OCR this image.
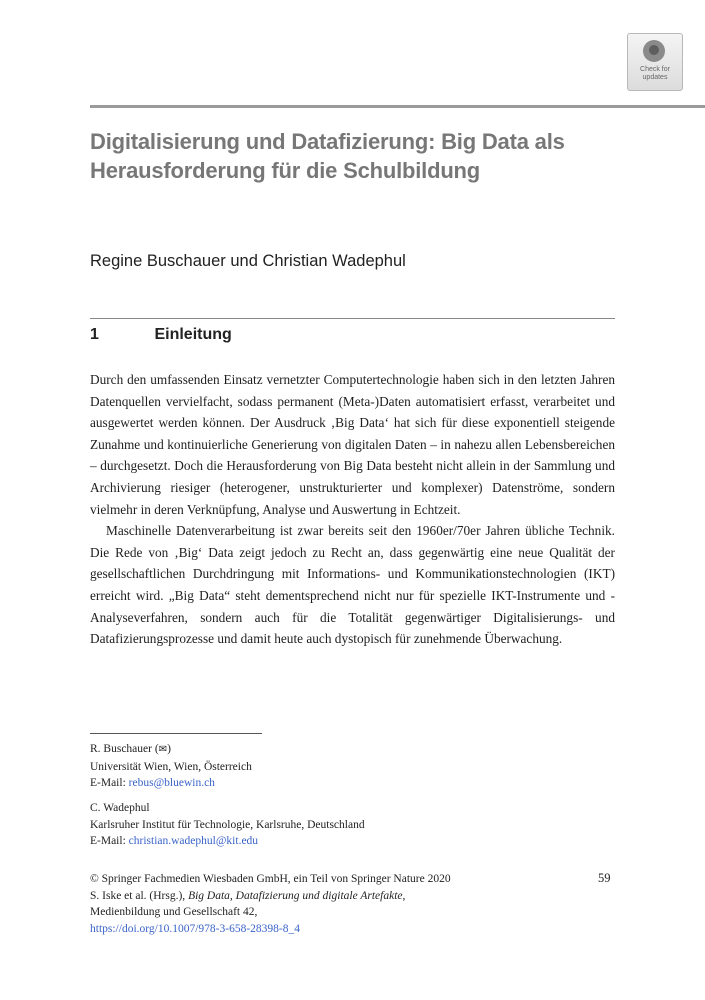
Check for
updates
Digitalisierung und Datafizierung: Big Data als Herausforderung für die Schulbildung

Regine Buschauer und Christian Wadephul

1	Einleitung

Durch den umfassenden Einsatz vernetzter Computertechnologie haben sich in den letzten Jahren Datenquellen vervielfacht, sodass permanent (Meta-)Daten automatisiert erfasst, verarbeitet und ausgewertet werden können. Der Ausdruck ‚Big Data‘ hat sich für diese exponentiell steigende Zunahme und kontinuierliche Generierung von digitalen Daten – in nahezu allen Lebensbereichen – durchgesetzt. Doch die Herausforderung von Big Data besteht nicht allein in der Sammlung und Archivierung riesiger (heterogener, unstrukturierter und komplexer) Datenströme, sondern vielmehr in deren Verknüpfung, Analyse und Auswertung in Echtzeit.

Maschinelle Datenverarbeitung ist zwar bereits seit den 1960er/70er Jahren übliche Technik. Die Rede von ‚Big‘ Data zeigt jedoch zu Recht an, dass gegenwärtig eine neue Qualität der gesellschaftlichen Durchdringung mit Informations- und Kommunikationstechnologien (IKT) erreicht wird. „Big Data“ steht dementsprechend nicht nur für spezielle IKT-Instrumente und -Analyseverfahren, sondern auch für die Totalität gegenwärtiger Digitalisierungs- und Datafizierungsprozesse und damit heute auch dystopisch für zunehmende Überwachung.

R. Buschauer (✉)
Universität Wien, Wien, Österreich
E-Mail: rebus@bluewin.ch
C. Wadephul
Karlsruher Institut für Technologie, Karlsruhe, Deutschland
E-Mail: christian.wadephul@kit.edu
© Springer Fachmedien Wiesbaden GmbH, ein Teil von Springer Nature 2020
S. Iske et al. (Hrsg.), Big Data, Datafizierung und digitale Artefakte,
Medienbildung und Gesellschaft 42,
https://doi.org/10.1007/978-3-658-28398-8_4
59
